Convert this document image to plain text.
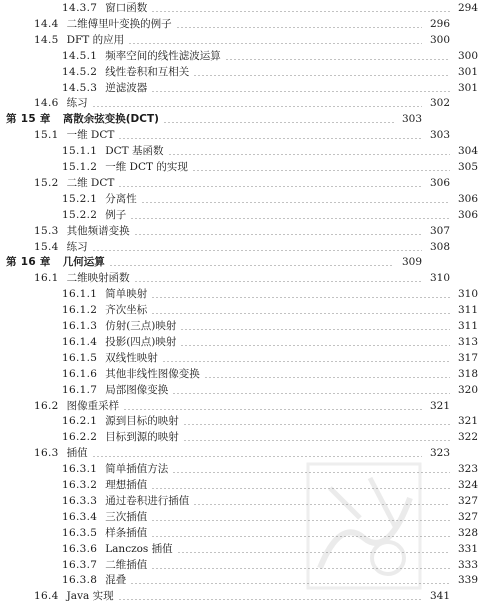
14.3.7 窗口函数	294
14.4 二维傅里叶变换的例子	296
14.5 DFT 的应用	300
14.5.1 频率空间的线性滤波运算	300
14.5.2 线性卷积和互相关	301
14.5.3 逆滤波器	301
14.6 练习	302
第 15 章 离散余弦变换(DCT)	303
15.1 一维 DCT	303
15.1.1 DCT 基函数	304
15.1.2 一维 DCT 的实现	305
15.2 二维 DCT	306
15.2.1 分离性	306
15.2.2 例子	306
15.3 其他频谱变换	307
15.4 练习	308
第 16 章 几何运算	309
16.1 二维映射函数	310
16.1.1 简单映射	310
16.1.2 齐次坐标	311
16.1.3 仿射(三点)映射	311
16.1.4 投影(四点)映射	313
16.1.5 双线性映射	317
16.1.6 其他非线性图像变换	318
16.1.7 局部图像变换	320
16.2 图像重采样	321
16.2.1 源到目标的映射	321
16.2.2 目标到源的映射	322
16.3 插值	323
16.3.1 简单插值方法	323
16.3.2 理想插值	324
16.3.3 通过卷积进行插值	327
16.3.4 三次插值	327
16.3.5 样条插值	328
16.3.6 Lanczos 插值	331
16.3.7 二维插值	333
16.3.8 混叠	339
16.4 Java 实现	341
